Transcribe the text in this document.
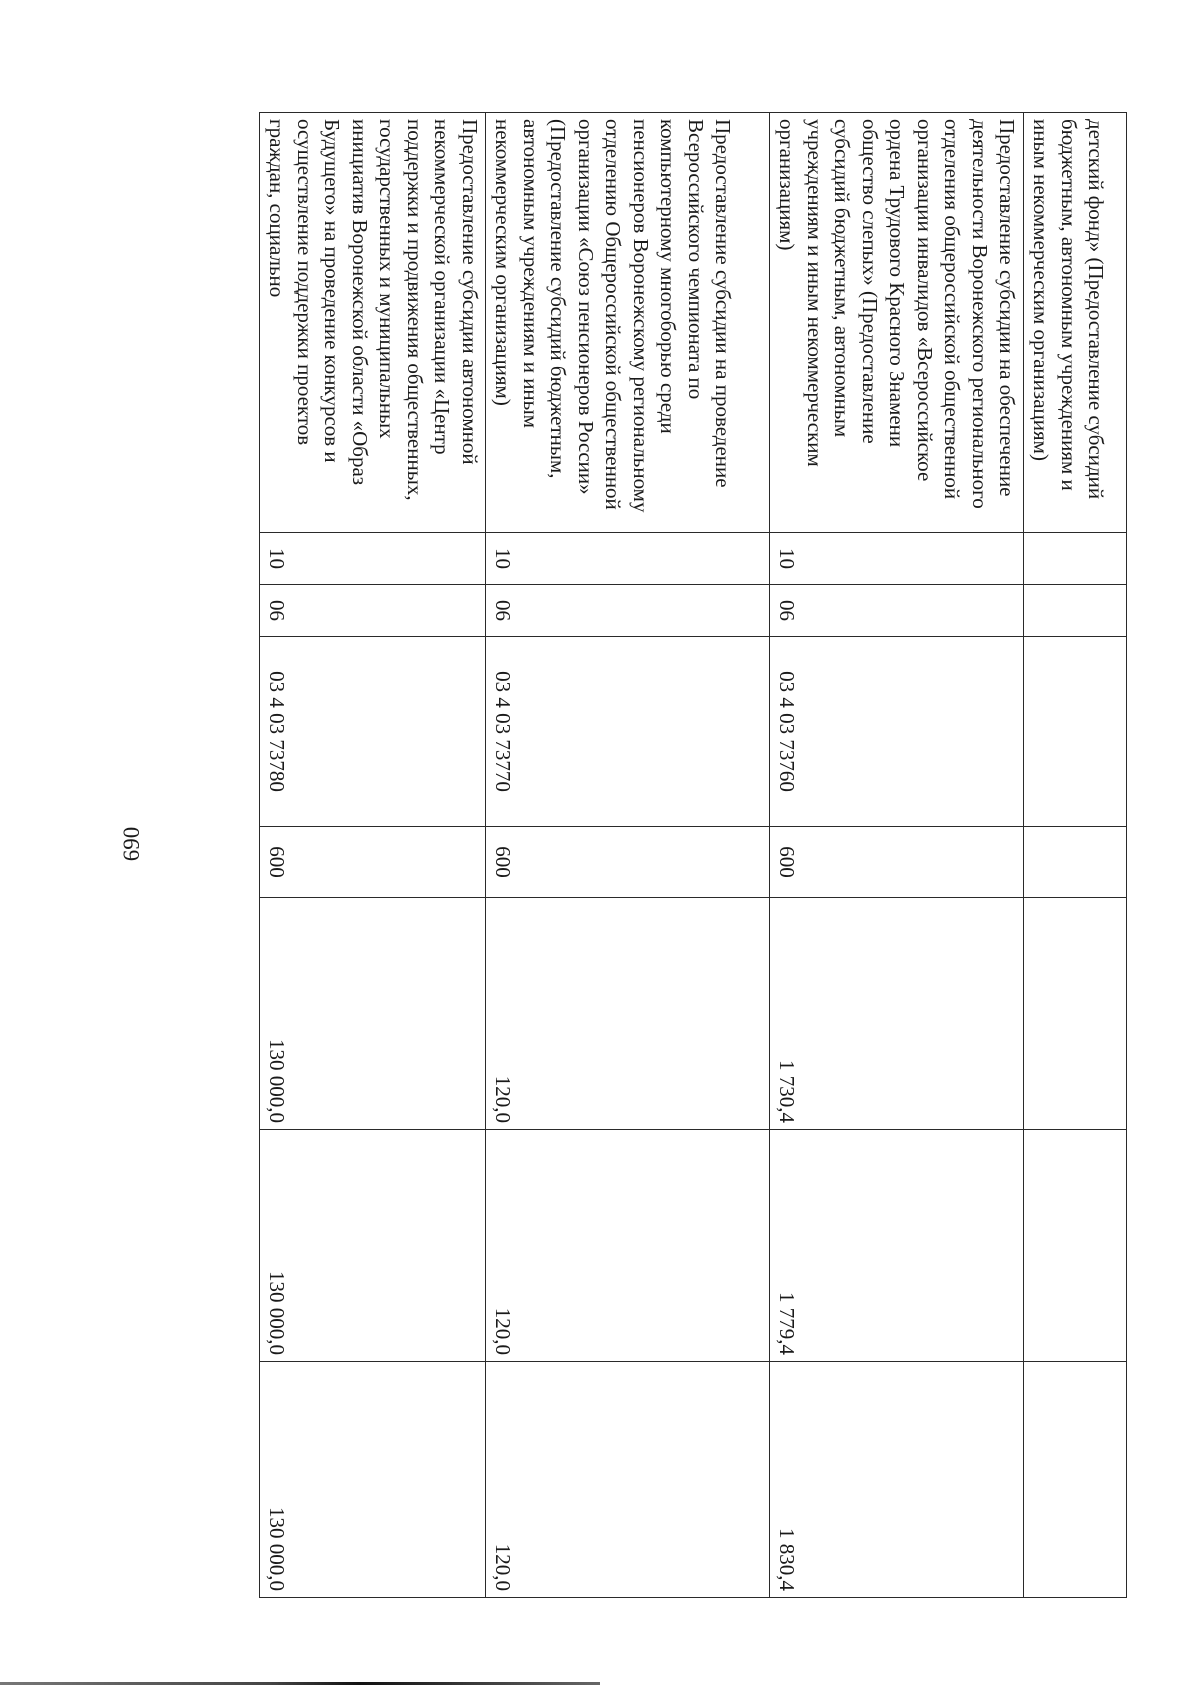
690
детский фонд» (Предоставление субсидий бюджетным, автономным учреждениям и иным некоммерческим организациям)							
Предоставление субсидии на обеспечение деятельности Воронежского регионального отделения общероссийской общественной организации инвалидов «Всероссийское ордена Трудового Красного Знамени общество слепых» (Предоставление субсидий бюджетным, автономным учреждениям и иным некоммерческим организациям)	10	06	03 4 03 73760	600	1 730,4	1 779,4	1 830,4
Предоставление субсидии на проведение Всероссийского чемпионата по компьютерному многоборью среди пенсионеров Воронежскому региональному отделению Общероссийской общественной организации «Союз пенсионеров России» (Предоставление субсидий бюджетным, автономным учреждениям и иным некоммерческим организациям)	10	06	03 4 03 73770	600	120,0	120,0	120,0
Предоставление субсидии автономной некоммерческой организации «Центр поддержки и продвижения общественных, государственных и муниципальных инициатив Воронежской области «Образ Будущего» на проведение конкурсов и осуществление поддержки проектов граждан, социально	10	06	03 4 03 73780	600	130 000,0	130 000,0	130 000,0
